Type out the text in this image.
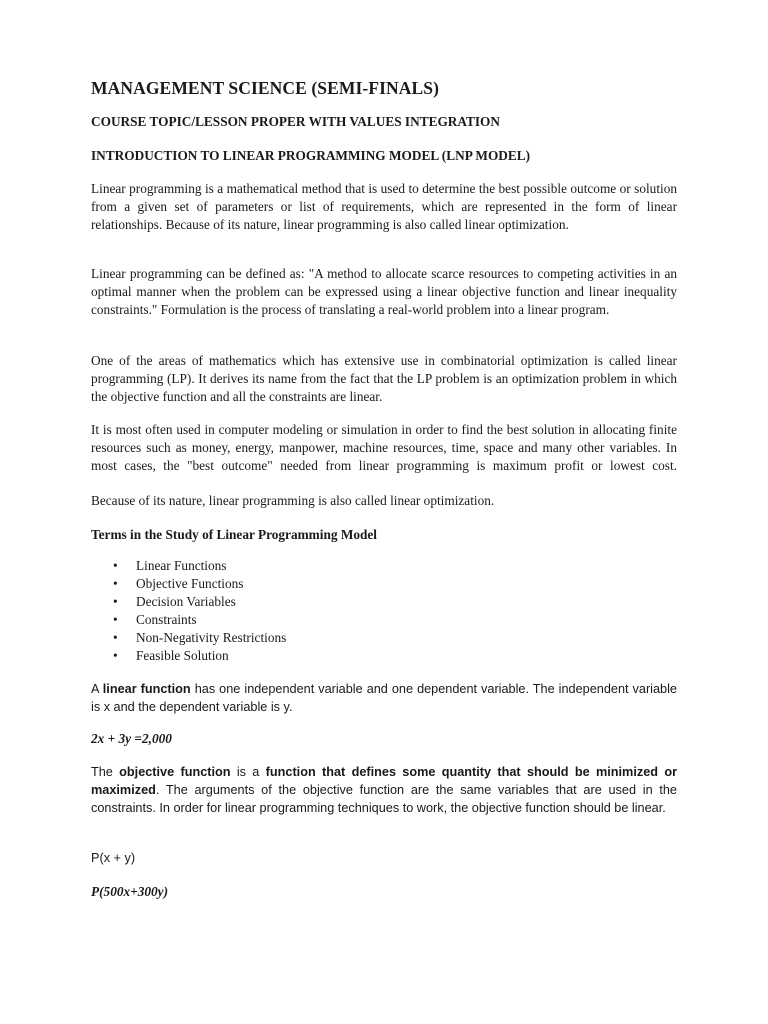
MANAGEMENT SCIENCE (SEMI-FINALS)
COURSE TOPIC/LESSON PROPER WITH VALUES INTEGRATION
INTRODUCTION TO LINEAR PROGRAMMING MODEL (LNP MODEL)

Linear programming is a mathematical method that is used to determine the best possible outcome or solution from a given set of parameters or list of requirements, which are represented in the form of linear relationships. Because of its nature, linear programming is also called linear optimization.

Linear programming can be defined as: "A method to allocate scarce resources to competing activities in an optimal manner when the problem can be expressed using a linear objective function and linear inequality constraints." Formulation is the process of translating a real-world problem into a linear program.

One of the areas of mathematics which has extensive use in combinatorial optimization is called linear programming (LP). It derives its name from the fact that the LP problem is an optimization problem in which the objective function and all the constraints are linear.

It is most often used in computer modeling or simulation in order to find the best solution in allocating finite resources such as money, energy, manpower, machine resources, time, space and many other variables. In most cases, the "best outcome" needed from linear programming is maximum profit or lowest cost.

Because of its nature, linear programming is also called linear optimization.

Terms in the Study of Linear Programming Model
• Linear Functions
• Objective Functions
• Decision Variables
• Constraints
• Non-Negativity Restrictions
• Feasible Solution

A linear function has one independent variable and one dependent variable. The independent variable is x and the dependent variable is y.

2x + 3y =2,000

The objective function is a function that defines some quantity that should be minimized or maximized. The arguments of the objective function are the same variables that are used in the constraints. In order for linear programming techniques to work, the objective function should be linear.

P(x + y)

P(500x+300y)
